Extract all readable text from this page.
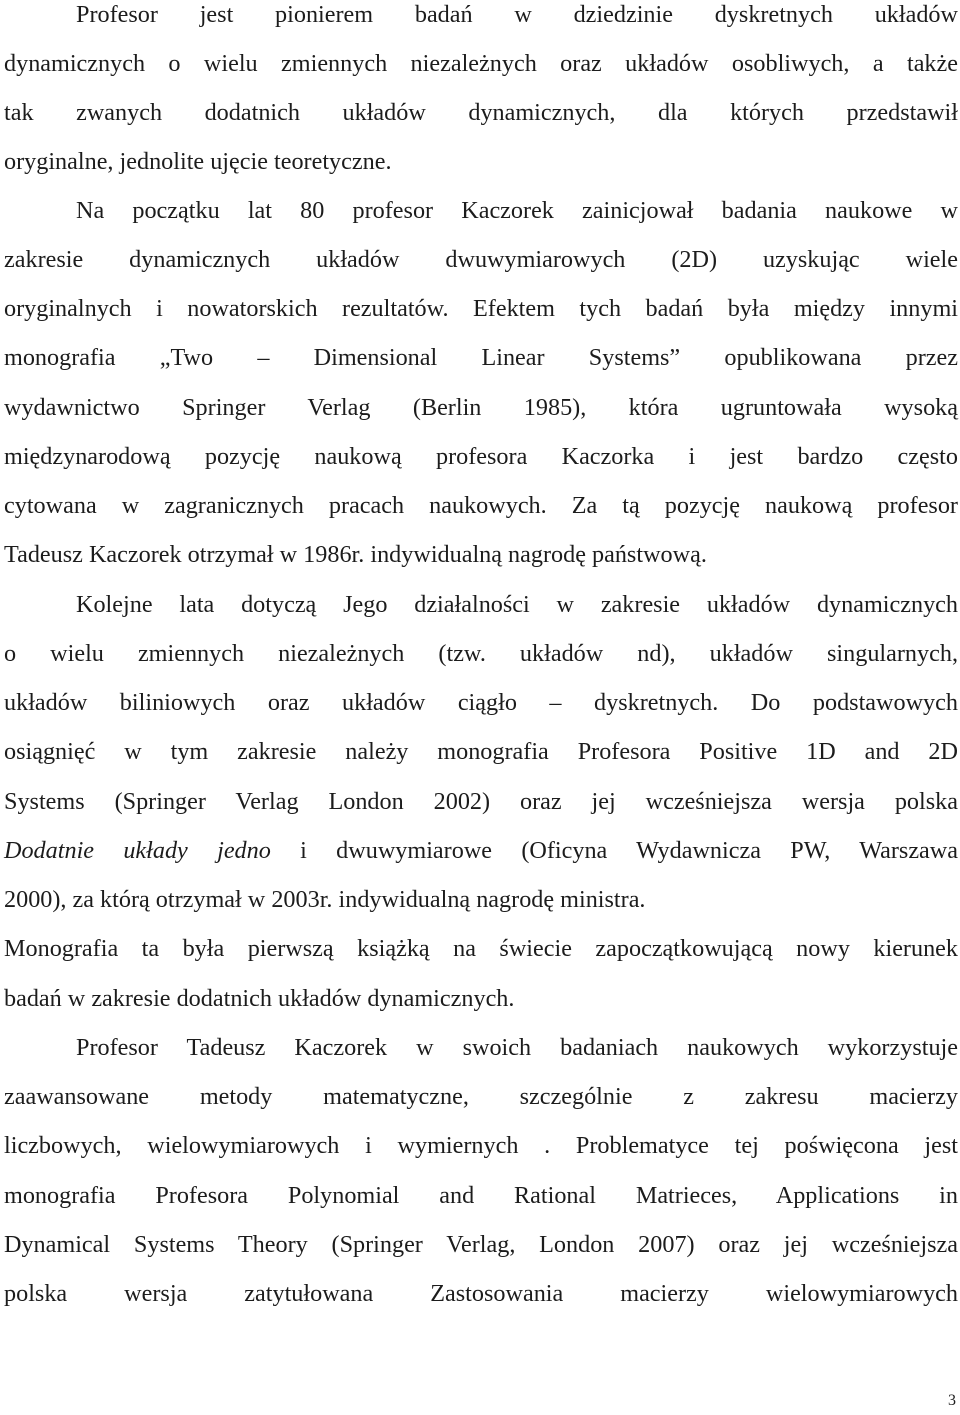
Profesor jest pionierem badań w dziedzinie dyskretnych układów
dynamicznych o wielu zmiennych niezależnych oraz układów osobliwych, a także
tak zwanych dodatnich układów dynamicznych, dla których przedstawił
oryginalne, jednolite ujęcie teoretyczne.
Na początku lat 80 profesor Kaczorek zainicjował badania naukowe w
zakresie dynamicznych układów dwuwymiarowych (2D) uzyskując wiele
oryginalnych i nowatorskich rezultatów. Efektem tych badań była między innymi
monografia „Two – Dimensional Linear Systems” opublikowana przez
wydawnictwo Springer Verlag (Berlin 1985), która ugruntowała wysoką
międzynarodową pozycję naukową profesora Kaczorka i jest bardzo często
cytowana w zagranicznych pracach naukowych. Za tą pozycję naukową profesor
Tadeusz Kaczorek otrzymał w 1986r. indywidualną nagrodę państwową.
Kolejne lata dotyczą Jego działalności w zakresie układów dynamicznych
o wielu zmiennych niezależnych (tzw. układów nd), układów singularnych,
układów biliniowych oraz układów ciągło – dyskretnych. Do podstawowych
osiągnięć w tym zakresie należy monografia Profesora Positive 1D and 2D
Systems (Springer Verlag London 2002) oraz jej wcześniejsza wersja polska
Dodatnie układy jedno i dwuwymiarowe (Oficyna Wydawnicza PW, Warszawa
2000), za którą otrzymał w 2003r. indywidualną nagrodę ministra.
Monografia ta była pierwszą książką na świecie zapoczątkowującą nowy kierunek
badań w zakresie dodatnich układów dynamicznych.
Profesor Tadeusz Kaczorek w swoich badaniach naukowych wykorzystuje
zaawansowane metody matematyczne, szczególnie z zakresu macierzy
liczbowych, wielowymiarowych i wymiernych . Problematyce tej poświęcona jest
monografia Profesora Polynomial and Rational Matrieces, Applications in
Dynamical Systems Theory (Springer Verlag, London 2007) oraz jej wcześniejsza
polska wersja zatytułowana Zastosowania macierzy wielowymiarowych
3
